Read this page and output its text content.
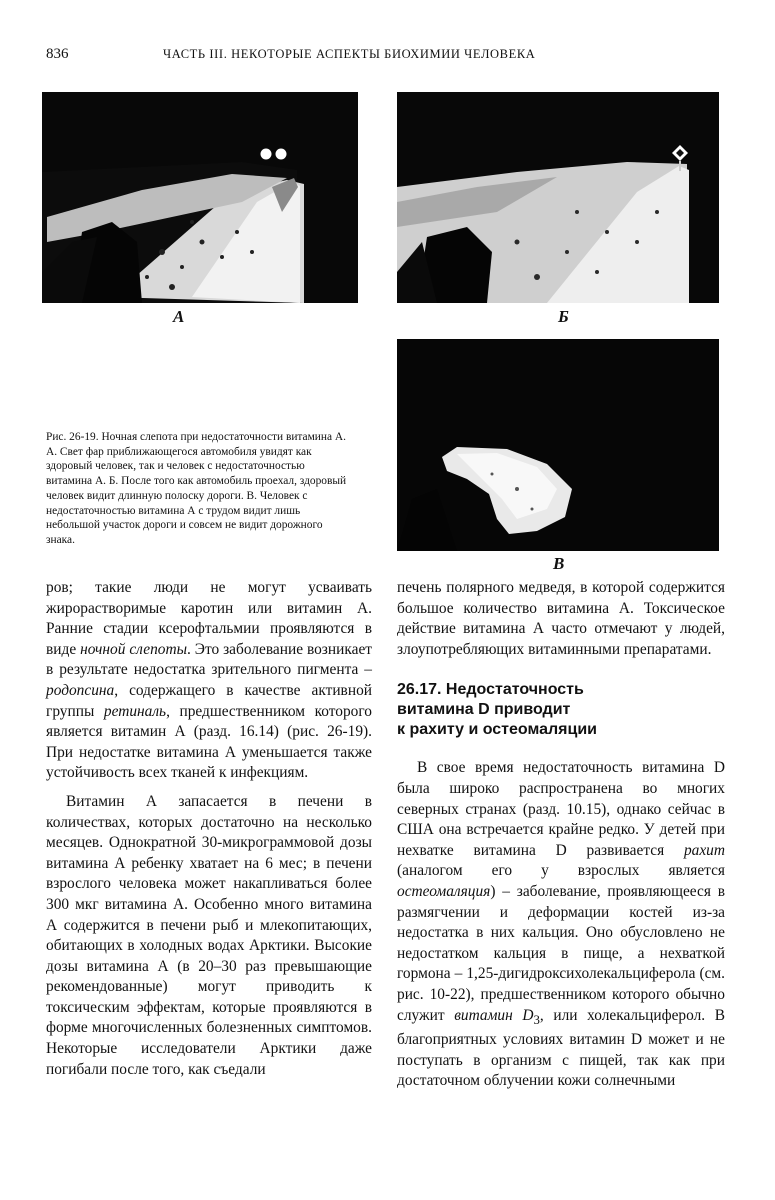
836	ЧАСТЬ III. НЕКОТОРЫЕ АСПЕКТЫ БИОХИМИИ ЧЕЛОВЕКА
А	Б
В

Рис. 26-19. Ночная слепота при недостаточности витамина А. А. Свет фар приближающегося автомобиля увидят как здоровый человек, так и человек с недостаточностью витамина А. Б. После того как автомобиль проехал, здоровый человек видит длинную полоску дороги. В. Человек с недостаточностью витамина А с трудом видит лишь небольшой участок дороги и совсем не видит дорожного знака.

ров; такие люди не могут усваивать жирорастворимые каротин или витамин А. Ранние стадии ксерофтальмии проявляются в виде ночной слепоты. Это заболевание возникает в результате недостатка зрительного пигмента – родопсина, содержащего в качестве активной группы ретиналь, предшественником которого является витамин А (разд. 16.14) (рис. 26-19). При недостатке витамина А уменьшается также устойчивость всех тканей к инфекциям.

Витамин А запасается в печени в количествах, которых достаточно на несколько месяцев. Однократной 30-микрограммовой дозы витамина А ребенку хватает на 6 мес; в печени взрослого человека может накапливаться более 300 мкг витамина А. Особенно много витамина А содержится в печени рыб и млекопитающих, обитающих в холодных водах Арктики. Высокие дозы витамина А (в 20–30 раз превышающие рекомендованные) могут приводить к токсическим эффектам, которые проявляются в форме многочисленных болезненных симптомов. Некоторые исследователи Арктики даже погибали после того, как съедали

печень полярного медведя, в которой содержится большое количество витамина А. Токсическое действие витамина А часто отмечают у людей, злоупотребляющих витаминными препаратами.

26.17. Недостаточность
витамина D приводит
к рахиту и остеомаляции

В свое время недостаточность витамина D была широко распространена во многих северных странах (разд. 10.15), однако сейчас в США она встречается крайне редко. У детей при нехватке витамина D развивается рахит (аналогом его у взрослых является остеомаляция) – заболевание, проявляющееся в размягчении и деформации костей из-за недостатка в них кальция. Оно обусловлено не недостатком кальция в пище, а нехваткой гормона – 1,25-дигидроксихолекальциферола (см. рис. 10-22), предшественником которого обычно служит витамин $D_3$, или холекальциферол. В благоприятных условиях витамин D может и не поступать в организм с пищей, так как при достаточном облучении кожи солнечными
